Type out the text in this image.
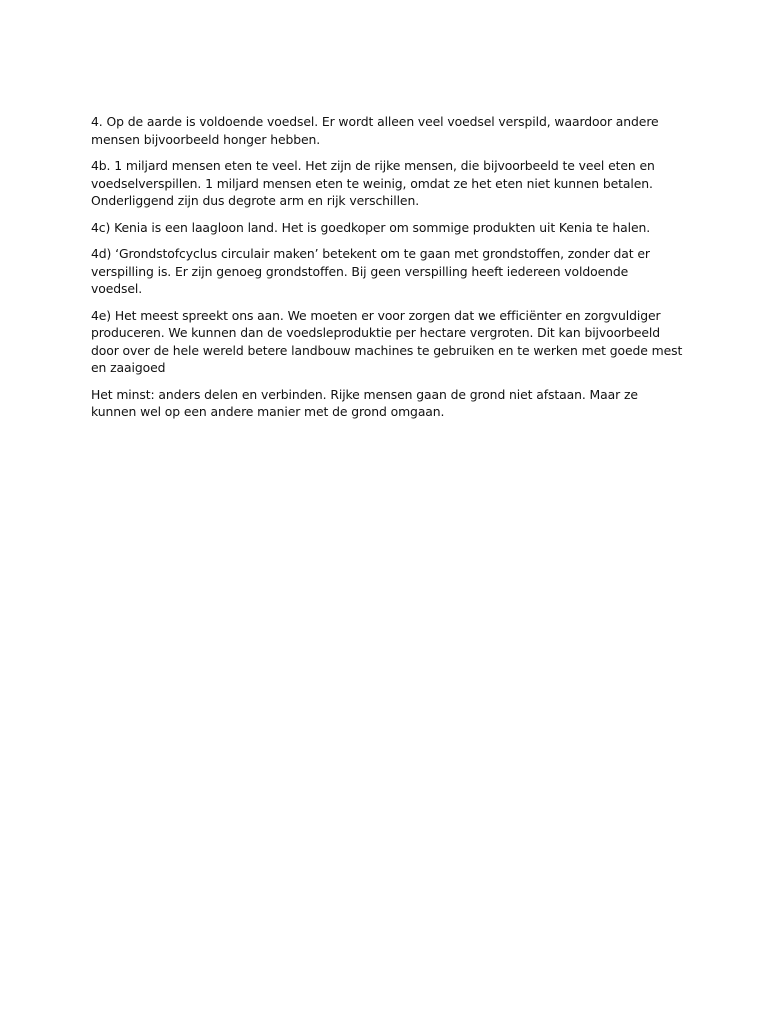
4. Op de aarde is voldoende voedsel. Er wordt alleen veel voedsel verspild, waardoor andere mensen bijvoorbeeld honger hebben.

4b. 1 miljard mensen eten te veel. Het zijn de rijke mensen, die bijvoorbeeld te veel eten en voedselverspillen. 1 miljard mensen eten te weinig, omdat ze het eten niet kunnen betalen. Onderliggend zijn dus degrote arm en rijk verschillen.

4c) Kenia is een laagloon land. Het is goedkoper om sommige produkten uit Kenia te halen.

4d) ‘Grondstofcyclus circulair maken’ betekent om te gaan met grondstoffen, zonder dat er verspilling is. Er zijn genoeg grondstoffen. Bij geen verspilling heeft iedereen voldoende voedsel.

4e) Het meest spreekt ons aan. We moeten er voor zorgen dat we efficiënter en zorgvuldiger produceren. We kunnen dan de voedsleproduktie per hectare vergroten. Dit kan bijvoorbeeld door over de hele wereld betere landbouw machines te gebruiken en te werken met goede mest en zaaigoed

Het minst: anders delen en verbinden. Rijke mensen gaan de grond niet afstaan. Maar ze kunnen wel op een andere manier met de grond omgaan.
